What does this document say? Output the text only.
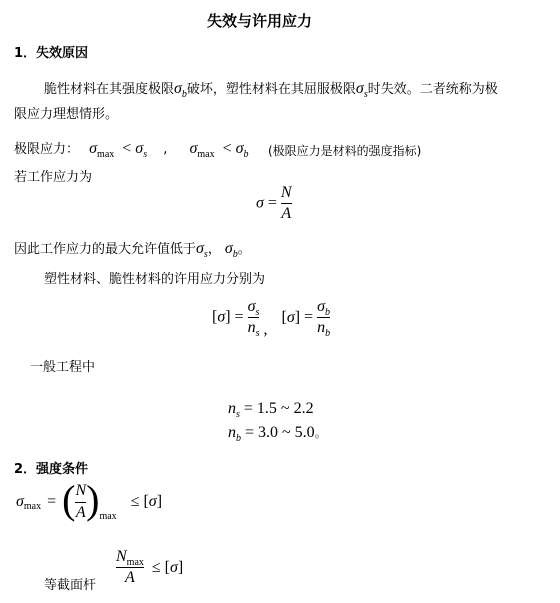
失效与许用应力
1．失效原因
脆性材料在其强度极限$\sigma_b$破坏，塑性材料在其屈服极限$\sigma_s$时失效。二者统称为极
限应力理想情形。
极限应力： $\sigma_{max} < \sigma_s$ , $\sigma_{max} < \sigma_b$ (极限应力是材料的强度指标)
若工作应力为
$\sigma = \frac{N}{A}$
因此工作应力的最大允许值低于$\sigma_s$， $\sigma_b$。
塑性材料、脆性材料的许用应力分别为
$[\sigma] = \frac{\sigma_s}{n_s}$ , $[\sigma] = \frac{\sigma_b}{n_b}$
一般工程中
$n_s = 1.5$ ~ 2.2
$n_b = 3.0$ ~ 5.0。
2．强度条件
σ max = ( $\frac{N}{A}$ ) max
≤ [σ]
等截面杆 $\frac{N_{max}}{A} \le [\sigma]$
